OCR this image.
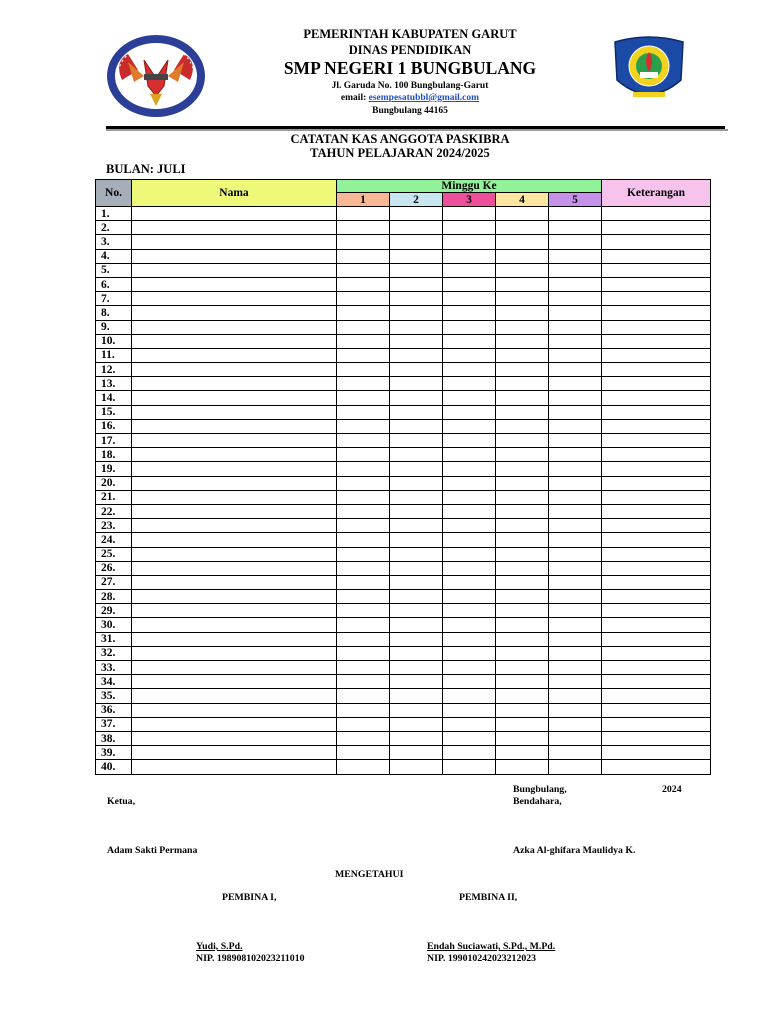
PEMERINTAH KABUPATEN GARUT
DINAS PENDIDIKAN
SMP NEGERI 1 BUNGBULANG
Jl. Garuda No. 100 Bungbulang-Garut
email: esempesatubbl@gmail.com
Bungbulang 44165
CATATAN KAS ANGGOTA PASKIBRA
TAHUN PELAJARAN 2024/2025
BULAN: JULI
No.	Nama	Minggu Ke					Keterangan
		1	2	3	4	5	
1.							
2.							
3.							
4.							
5.							
6.							
7.							
8.							
9.							
10.							
11.							
12.							
13.							
14.							
15.							
16.							
17.							
18.							
19.							
20.							
21.							
22.							
23.							
24.							
25.							
26.							
27.							
28.							
29.							
30.							
31.							
32.							
33.							
34.							
35.							
36.							
37.							
38.							
39.							
40.							
Bungbulang,	2024
Ketua,	Bendahara,
Adam Sakti Permana	Azka Al-ghifara Maulidya K.
MENGETAHUI
PEMBINA I,	PEMBINA II,
Yudi, S.Pd.	Endah Suciawati, S.Pd., M.Pd.
NIP. 198908102023211010	NIP. 199010242023212023
